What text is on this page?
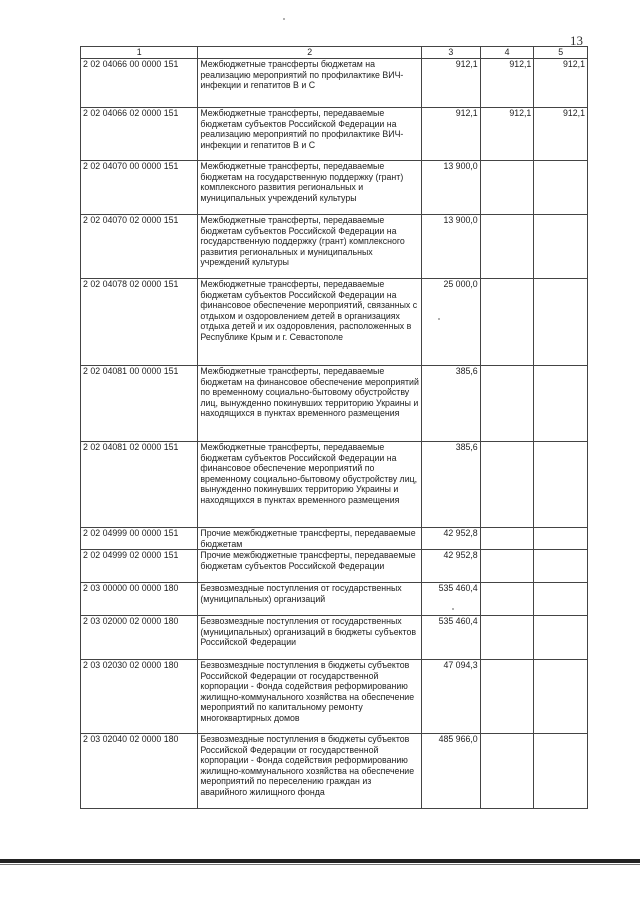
13
1	2	3	4	5
2 02 04066 00 0000 151	Межбюджетные трансферты бюджетам на реализацию мероприятий по профилактике ВИЧ-инфекции и гепатитов В и С	912,1	912,1	912,1
2 02 04066 02 0000 151	Межбюджетные трансферты, передаваемые бюджетам субъектов Российской Федерации на реализацию мероприятий по профилактике ВИЧ-инфекции и гепатитов В и С	912,1	912,1	912,1
2 02 04070 00 0000 151	Межбюджетные трансферты, передаваемые бюджетам на государственную поддержку (грант) комплексного развития региональных и муниципальных учреждений культуры	13 900,0		
2 02 04070 02 0000 151	Межбюджетные трансферты, передаваемые бюджетам субъектов Российской Федерации на государственную поддержку (грант) комплексного развития региональных и муниципальных учреждений культуры	13 900,0		
2 02 04078 02 0000 151	Межбюджетные трансферты, передаваемые бюджетам субъектов Российской Федерации на финансовое обеспечение мероприятий, связанных с отдыхом и оздоровлением детей в организациях отдыха детей и их оздоровления, расположенных в Республике Крым и г. Севастополе	25 000,0		
2 02 04081 00 0000 151	Межбюджетные трансферты, передаваемые бюджетам на финансовое обеспечение мероприятий по временному социально-бытовому обустройству лиц, вынужденно покинувших территорию Украины и находящихся в пунктах временного размещения	385,6		
2 02 04081 02 0000 151	Межбюджетные трансферты, передаваемые бюджетам субъектов Российской Федерации на финансовое обеспечение мероприятий по временному социально-бытовому обустройству лиц, вынужденно покинувших территорию Украины и находящихся в пунктах временного размещения	385,6		
2 02 04999 00 0000 151	Прочие межбюджетные трансферты, передаваемые бюджетам	42 952,8		
2 02 04999 02 0000 151	Прочие межбюджетные трансферты, передаваемые бюджетам субъектов Российской Федерации	42 952,8		
2 03 00000 00 0000 180	Безвозмездные поступления от государственных (муниципальных) организаций	535 460,4		
2 03 02000 02 0000 180	Безвозмездные поступления от государственных (муниципальных) организаций в бюджеты субъектов Российской Федерации	535 460,4		
2 03 02030 02 0000 180	Безвозмездные поступления в бюджеты субъектов Российской Федерации от государственной корпорации - Фонда содействия реформированию жилищно-коммунального хозяйства на обеспечение мероприятий по капитальному ремонту многоквартирных домов	47 094,3		
2 03 02040 02 0000 180	Безвозмездные поступления в бюджеты субъектов Российской Федерации от государственной корпорации - Фонда содействия реформированию жилищно-коммунального хозяйства на обеспечение мероприятий по переселению граждан из аварийного жилищного фонда	485 966,0		
